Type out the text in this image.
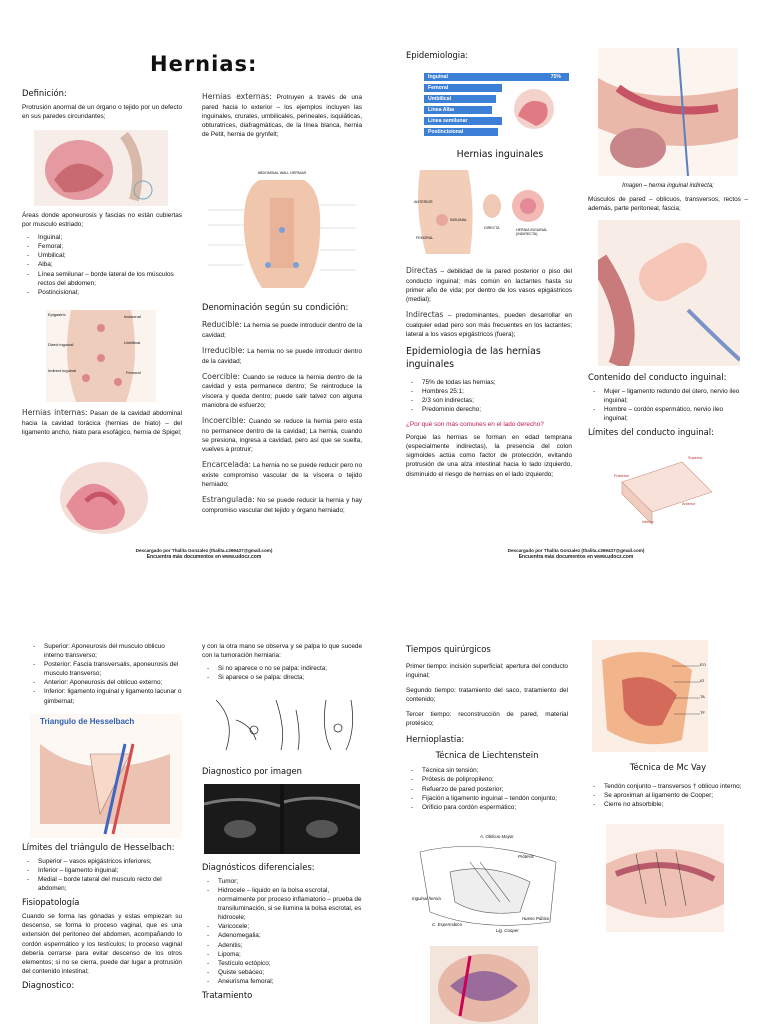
Hernias:
Definición:

Protrusión anormal de un órgano o tejido por un defecto en sus paredes circundantes;

Áreas donde aponeurosis y fascias no están cubiertas por musculo estriado;

- Inguinal;
- Femoral;
- Umbilical;
- Alba;
- Línea semilunar – borde lateral de los músculos rectos del abdomen;
- Postincisional;
Epigastric	Incisional
Umbilical
Direct inguinal
Indirect inguinal	Femoral

Hernias internas: Pasan de la cavidad abdominal hacia la cavidad torácica (hernias de hiato) – del ligamento ancho, hiato para esofágico, hernia de Spigel;

Hernias externas: Protruyen a través de una pared hacia lo exterior – los ejemplos incluyen las inguinales, crurales, umbilicales, perineales, isquiáticas, obturatrices, diafragmáticas, de la línea blanca, hernia de Petit, hernia de grynfelt;

ABDOMINAL WALL HERNIAS
Denominación según su condición:

Reducible: La hernia se puede introducir dentro de la cavidad;

Irreducible: La hernia no se puede introducir dentro de la cavidad;

Coercible: Cuando se reduce la hernia dentro de la cavidad y esta permanece dentro; Se reintroduce la víscera y queda dentro; puede salir talvez con alguna maniobra de esfuerzo;

Incoercible: Cuando se reduce la hernia pero esta no permanece dentro de la cavidad; La hernia, cuando se presiona, ingresa a cavidad, pero así que se suelta, vuelves a protruir;

Encarcelada: La hernia no se puede reducir pero no existe compromiso vascular de la víscera o tejido herniado;

Estrangulada: No se puede reducir la hernia y hay compromiso vascular del tejido y órgano herniado;

Descargado por Thalita Gonzalez (thalita.c369437@gmail.com)
Encuentra más documentos en www.udocz.com
Epidemiologia:
Inguinal	75%
Femoral
Umbilical
Línea Alba
Línea semilunar
Postincisional
Hernias inguinales
ANTERIOR
INGUINAL
DIRECTA
FEMORAL
HERNIA INGUINAL (INDIRECTA)

Directas – debilidad de la pared posterior o piso del conducto inguinal; más común en lactantes hasta su primer año de vida; por dentro de los vasos epigástricos (medial);

Indirectas – predominantes, pueden desarrollar en cualquier edad pero son más frecuentes en los lactantes; lateral a los vasos epigástricos (fuera);

Epidemiologia de las hernias inguinales
- 75% de todas las hernias;
- Hombres 25:1;
- 2/3 son indirectas;
- Predominio derecho;

¿Por qué son más comunes en el lado derecho?

Porque las hernias se forman en edad temprana (especialmente indirectas), la presencia del colon sigmoides actúa como factor de protección, evitando protrusión de una alza intestinal hacia lo lado izquierdo, disminuido el riesgo de hernias en el lado izquierdo;

Descargado por Thalita Gonzalez (thalita.c369437@gmail.com)
Encuentra más documentos en www.udocz.com

Imagen – hernia inguinal indirecta;

Músculos de pared – oblicuos, transversos, rectos – además, parte peritoneal, fascia;

Contenido del conducto inguinal:
- Mujer – ligamento redondo del útero, nervio ileo inguinal;
- Hombre – cordón espermático, nervio íleo inguinal;
Límites del conducto inguinal:
Superior
Posterior
Anterior
Inferior
- Superior: Aponeurosis del musculo oblicuo interno transverso;
- Posterior: Fascia transversalis, aponeurosis del musculo transverso;
- Anterior: Aponeurosis del oblicuo externo;
- Inferior: ligamento inguinal y ligamento lacunar o gimbernat;
Triangulo de Hesselbach
Límites del triángulo de Hesselbach:
- Superior – vasos epigástricos inferiores;
- Inferior – ligamento inguinal;
- Medial – borde lateral del musculo recto del abdomen;
Fisiopatología

Cuando se forma las gónadas y estas empiezan su descenso, se forma lo proceso vaginal, que es una extensión del peritoneo del abdomen, acompañando lo cordón espermático y los testículos; lo proceso vaginal debería cerrarse para evitar descenso de los otros elementos; si no se cierra, puede dar lugar a protrusión del contenido intestinal;

Diagnostico:

y con la otra mano se observa y se palpa lo que sucede con la tumoración herniaria:

- Si no aparece o no se palpa: indirecta;
- Si aparece o se palpa: directa;
Diagnostico por imagen
Diagnósticos diferenciales:
- Tumor;
- Hidrocele – liquido en la bolsa escrotal, normalmente por proceso inflamatorio – prueba de transiluminación, si se ilumina la bolsa escrotal, es hidrocele;
- Varicocele;
- Adenomegalia;
- Adenitis;
- Lipoma;
- Testículo ectópico;
- Quiste sebáceo;
- Aneurisma femoral;
Tratamiento
Tiempos quirúrgicos

Primer tiempo: incisión superficial; apertura del conducto inguinal;

Segundo tiempo: tratamiento del saco, tratamiento del contenido;

Tercer tiempo: reconstrucción de pared, material protésico;

Hernioplastia:
Técnica de Liechtenstein
- Técnica sin tensión;
- Prótesis de polipropileno;
- Refuerzo de pared posterior;
- Fijación a ligamento inguinal – tendón conjunto;
- Orificio para cordón espermático;
A. Oblicuo Mayor
Prótesis
Inguinal hernia
C. Espermático
Lig. Cooper
Hueso Púbico
EO
IO
TA
TF
Técnica de Mc Vay
- Tendón conjunto – transversos † oblicuo interno;
- Se aproximan al ligamento de Cooper;
- Cierre no absorbible;
